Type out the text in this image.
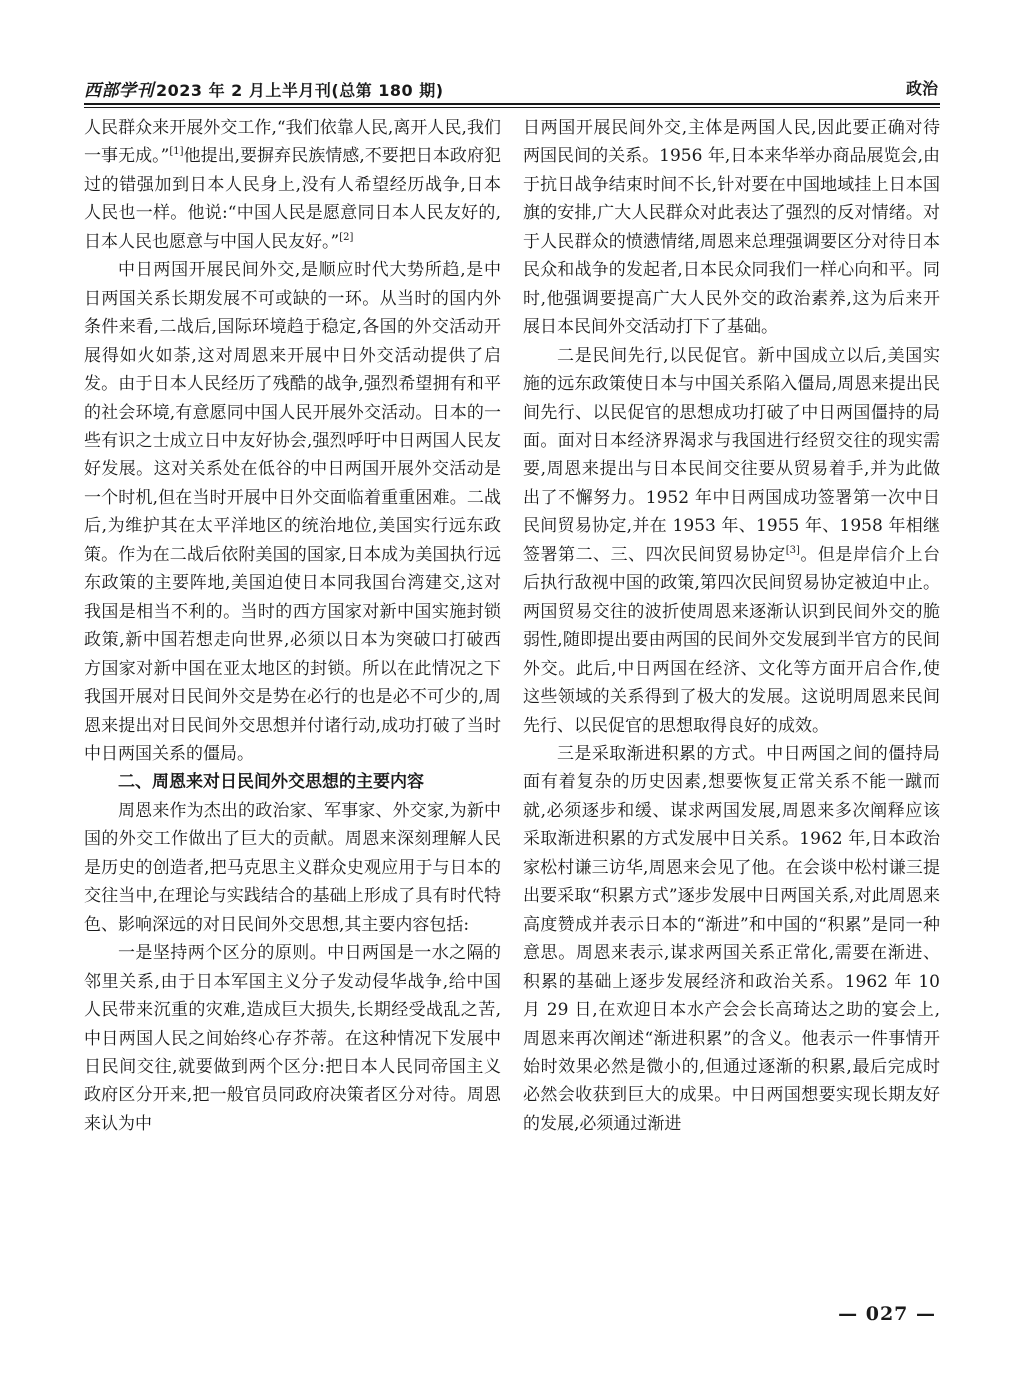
西部学刊 2023 年 2 月上半月刊(总第 180 期)	政治

人民群众来开展外交工作,“我们依靠人民,离开人民,我们一事无成。”[1]他提出,要摒弃民族情感,不要把日本政府犯过的错强加到日本人民身上,没有人希望经历战争,日本人民也一样。他说:“中国人民是愿意同日本人民友好的,日本人民也愿意与中国人民友好。”[2]

中日两国开展民间外交,是顺应时代大势所趋,是中日两国关系长期发展不可或缺的一环。从当时的国内外条件来看,二战后,国际环境趋于稳定,各国的外交活动开展得如火如荼,这对周恩来开展中日外交活动提供了启发。由于日本人民经历了残酷的战争,强烈希望拥有和平的社会环境,有意愿同中国人民开展外交活动。日本的一些有识之士成立日中友好协会,强烈呼吁中日两国人民友好发展。这对关系处在低谷的中日两国开展外交活动是一个时机,但在当时开展中日外交面临着重重困难。二战后,为维护其在太平洋地区的统治地位,美国实行远东政策。作为在二战后依附美国的国家,日本成为美国执行远东政策的主要阵地,美国迫使日本同我国台湾建交,这对我国是相当不利的。当时的西方国家对新中国实施封锁政策,新中国若想走向世界,必须以日本为突破口打破西方国家对新中国在亚太地区的封锁。所以在此情况之下我国开展对日民间外交是势在必行的也是必不可少的,周恩来提出对日民间外交思想并付诸行动,成功打破了当时中日两国关系的僵局。

二、周恩来对日民间外交思想的主要内容

周恩来作为杰出的政治家、军事家、外交家,为新中国的外交工作做出了巨大的贡献。周恩来深刻理解人民是历史的创造者,把马克思主义群众史观应用于与日本的交往当中,在理论与实践结合的基础上形成了具有时代特色、影响深远的对日民间外交思想,其主要内容包括:

一是坚持两个区分的原则。中日两国是一水之隔的邻里关系,由于日本军国主义分子发动侵华战争,给中国人民带来沉重的灾难,造成巨大损失,长期经受战乱之苦,中日两国人民之间始终心存芥蒂。在这种情况下发展中日民间交往,就要做到两个区分:把日本人民同帝国主义政府区分开来,把一般官员同政府决策者区分对待。周恩来认为中

日两国开展民间外交,主体是两国人民,因此要正确对待两国民间的关系。1956 年,日本来华举办商品展览会,由于抗日战争结束时间不长,针对要在中国地域挂上日本国旗的安排,广大人民群众对此表达了强烈的反对情绪。对于人民群众的愤懑情绪,周恩来总理强调要区分对待日本民众和战争的发起者,日本民众同我们一样心向和平。同时,他强调要提高广大人民外交的政治素养,这为后来开展日本民间外交活动打下了基础。

二是民间先行,以民促官。新中国成立以后,美国实施的远东政策使日本与中国关系陷入僵局,周恩来提出民间先行、以民促官的思想成功打破了中日两国僵持的局面。面对日本经济界渴求与我国进行经贸交往的现实需要,周恩来提出与日本民间交往要从贸易着手,并为此做出了不懈努力。1952 年中日两国成功签署第一次中日民间贸易协定,并在 1953 年、1955 年、1958 年相继签署第二、三、四次民间贸易协定[3]。但是岸信介上台后执行敌视中国的政策,第四次民间贸易协定被迫中止。两国贸易交往的波折使周恩来逐渐认识到民间外交的脆弱性,随即提出要由两国的民间外交发展到半官方的民间外交。此后,中日两国在经济、文化等方面开启合作,使这些领域的关系得到了极大的发展。这说明周恩来民间先行、以民促官的思想取得良好的成效。

三是采取渐进积累的方式。中日两国之间的僵持局面有着复杂的历史因素,想要恢复正常关系不能一蹴而就,必须逐步和缓、谋求两国发展,周恩来多次阐释应该采取渐进积累的方式发展中日关系。1962 年,日本政治家松村谦三访华,周恩来会见了他。在会谈中松村谦三提出要采取“积累方式”逐步发展中日两国关系,对此周恩来高度赞成并表示日本的“渐进”和中国的“积累”是同一种意思。周恩来表示,谋求两国关系正常化,需要在渐进、积累的基础上逐步发展经济和政治关系。1962 年 10 月 29 日,在欢迎日本水产会会长高琦达之助的宴会上,周恩来再次阐述“渐进积累”的含义。他表示一件事情开始时效果必然是微小的,但通过逐渐的积累,最后完成时必然会收获到巨大的成果。中日两国想要实现长期友好的发展,必须通过渐进

— 027 —
